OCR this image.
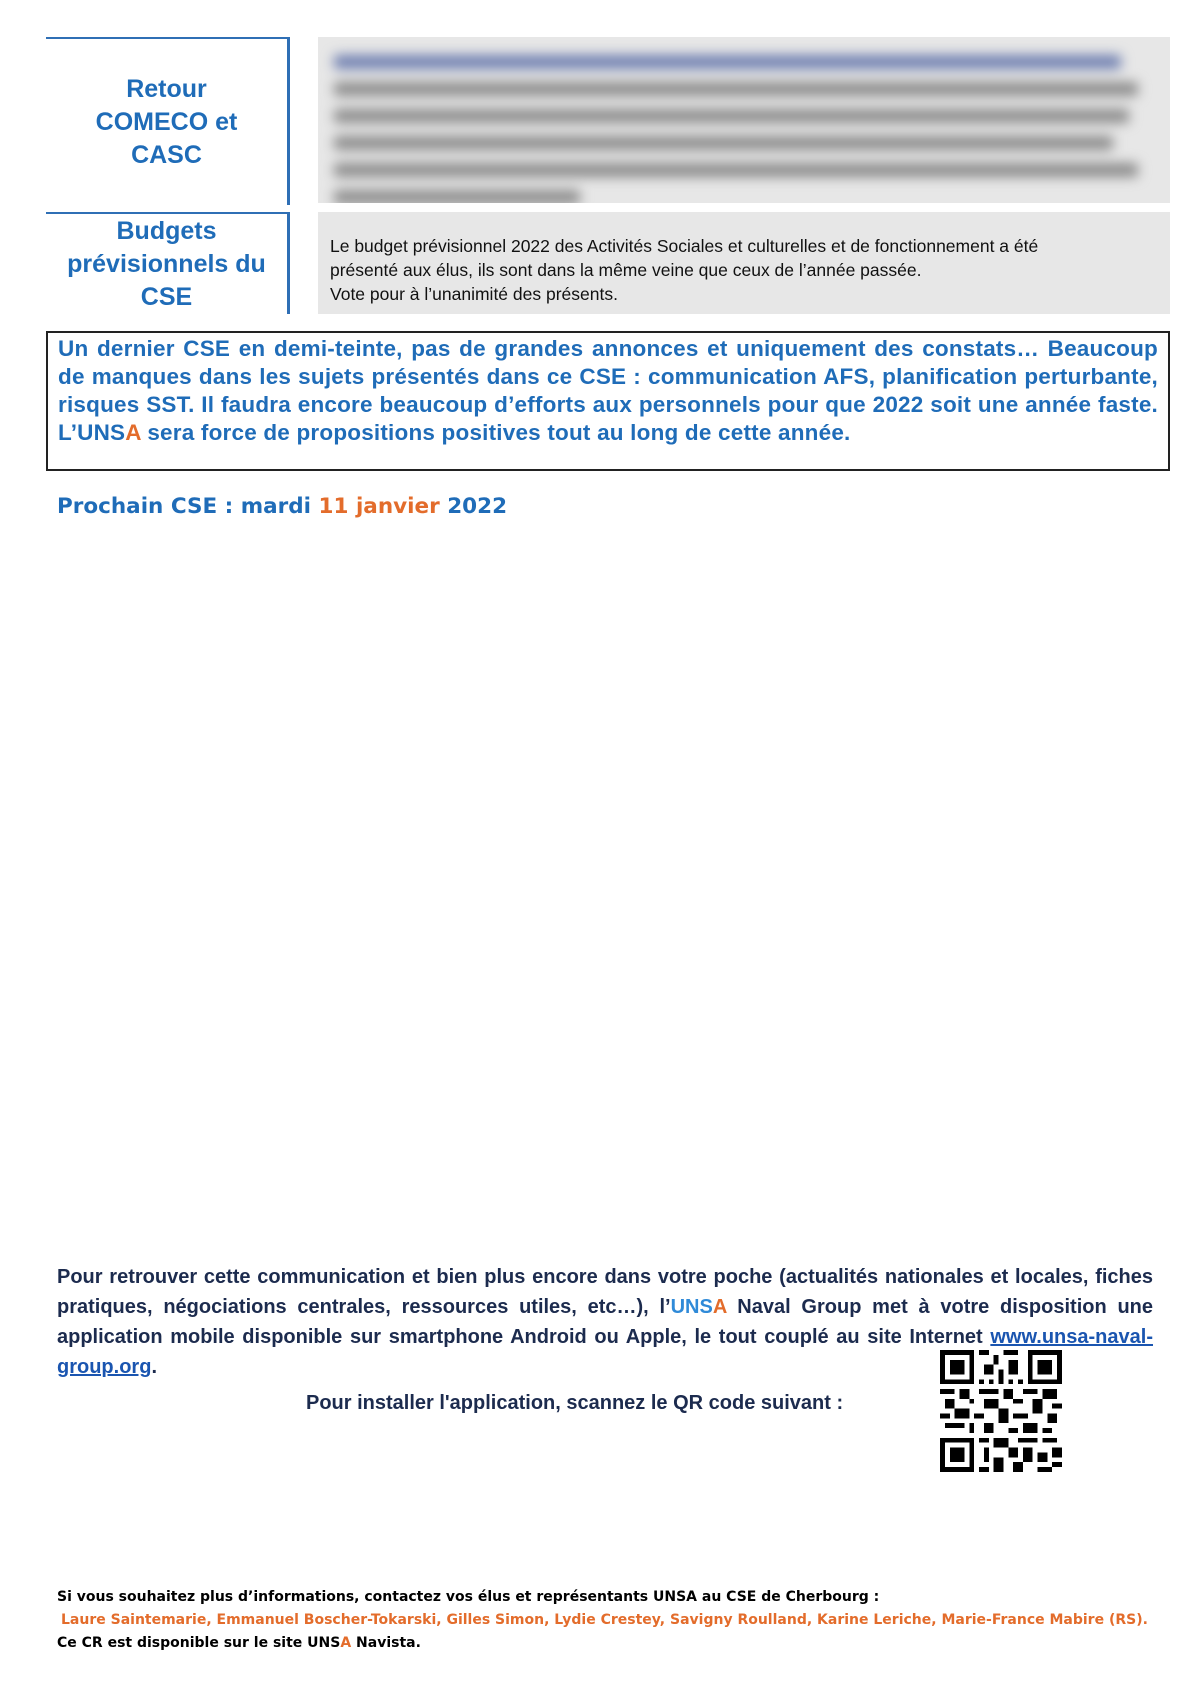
Retour COMECO et CASC
Budgets prévisionnels du CSE
Le budget prévisionnel 2022 des Activités Sociales et culturelles et de fonctionnement a été
présenté aux élus, ils sont dans la même veine que ceux de l’année passée.
Vote pour à l’unanimité des présents.
Un dernier CSE en demi-teinte, pas de grandes annonces et uniquement des constats… Beaucoup de manques dans les sujets présentés dans ce CSE : communication AFS, planification perturbante, risques SST. Il faudra encore beaucoup d’efforts aux personnels pour que 2022 soit une année faste. L’UNSA sera force de propositions positives tout au long de cette année.
Prochain CSE : mardi 11 janvier 2022
Pour retrouver cette communication et bien plus encore dans votre poche (actualités nationales et locales, fiches pratiques, négociations centrales, ressources utiles, etc…), l’UNSA Naval Group met à votre disposition une application mobile disponible sur smartphone Android ou Apple, le tout couplé au site Internet www.unsa-naval-group.org.
Pour installer l'application, scannez le QR code suivant :
Si vous souhaitez plus d’informations, contactez vos élus et représentants UNSA au CSE de Cherbourg :
Laure Saintemarie, Emmanuel Boscher-Tokarski, Gilles Simon, Lydie Crestey, Savigny Roulland, Karine Leriche, Marie-France Mabire (RS).
Ce CR est disponible sur le site UNSA Navista.
